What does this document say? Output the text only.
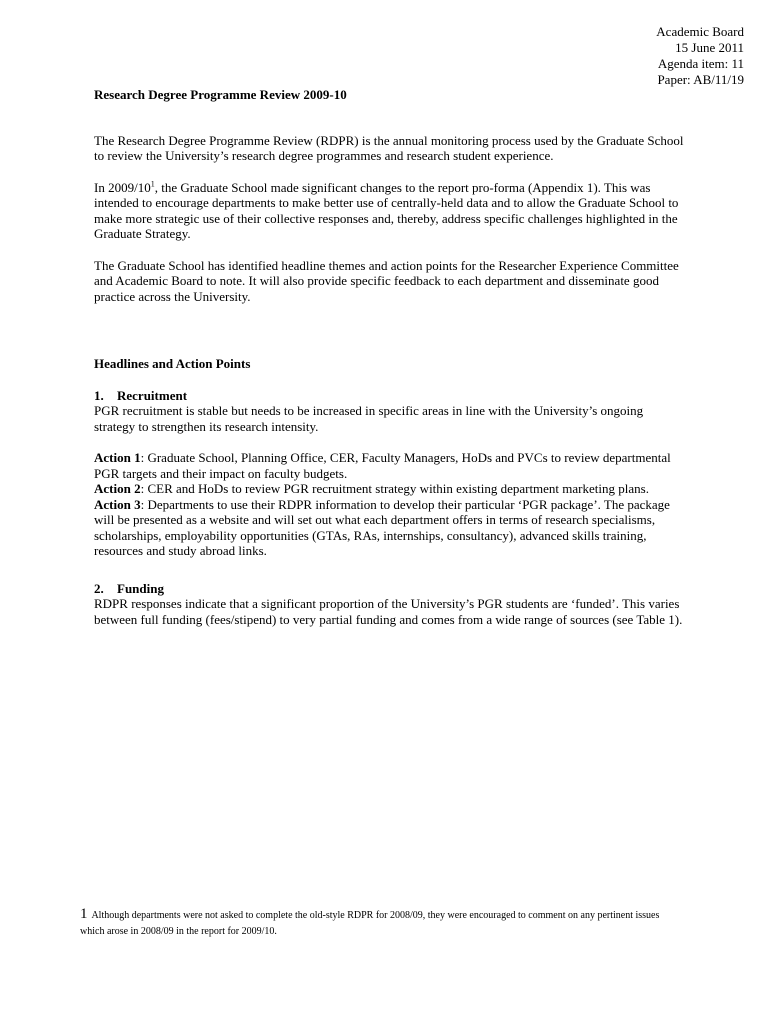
Academic Board
15 June 2011
Agenda item: 11
Paper: AB/11/19

Research Degree Programme Review 2009-10

The Research Degree Programme Review (RDPR) is the annual monitoring process used by the Graduate School to review the University’s research degree programmes and research student experience.

In $2009/10^1$, the Graduate School made significant changes to the report pro-forma (Appendix 1). This was intended to encourage departments to make better use of centrally-held data and to allow the Graduate School to make more strategic use of their collective responses and, thereby, address specific challenges highlighted in the Graduate Strategy.

The Graduate School has identified headline themes and action points for the Researcher Experience Committee and Academic Board to note. It will also provide specific feedback to each department and disseminate good practice across the University.

Headlines and Action Points

1. Recruitment

PGR recruitment is stable but needs to be increased in specific areas in line with the University’s ongoing strategy to strengthen its research intensity.

Action 1: Graduate School, Planning Office, CER, Faculty Managers, HoDs and PVCs to review departmental PGR targets and their impact on faculty budgets.

Action 2: CER and HoDs to review PGR recruitment strategy within existing department marketing plans.

Action 3: Departments to use their RDPR information to develop their particular ‘PGR package’. The package will be presented as a website and will set out what each department offers in terms of research specialisms, scholarships, employability opportunities (GTAs, RAs, internships, consultancy), advanced skills training, resources and study abroad links.

2. Funding

RDPR responses indicate that a significant proportion of the University’s PGR students are ‘funded’. This varies between full funding (fees/stipend) to very partial funding and comes from a wide range of sources (see Table 1).

1 Although departments were not asked to complete the old-style RDPR for 2008/09, they were encouraged to comment on any pertinent issues which arose in 2008/09 in the report for 2009/10.
